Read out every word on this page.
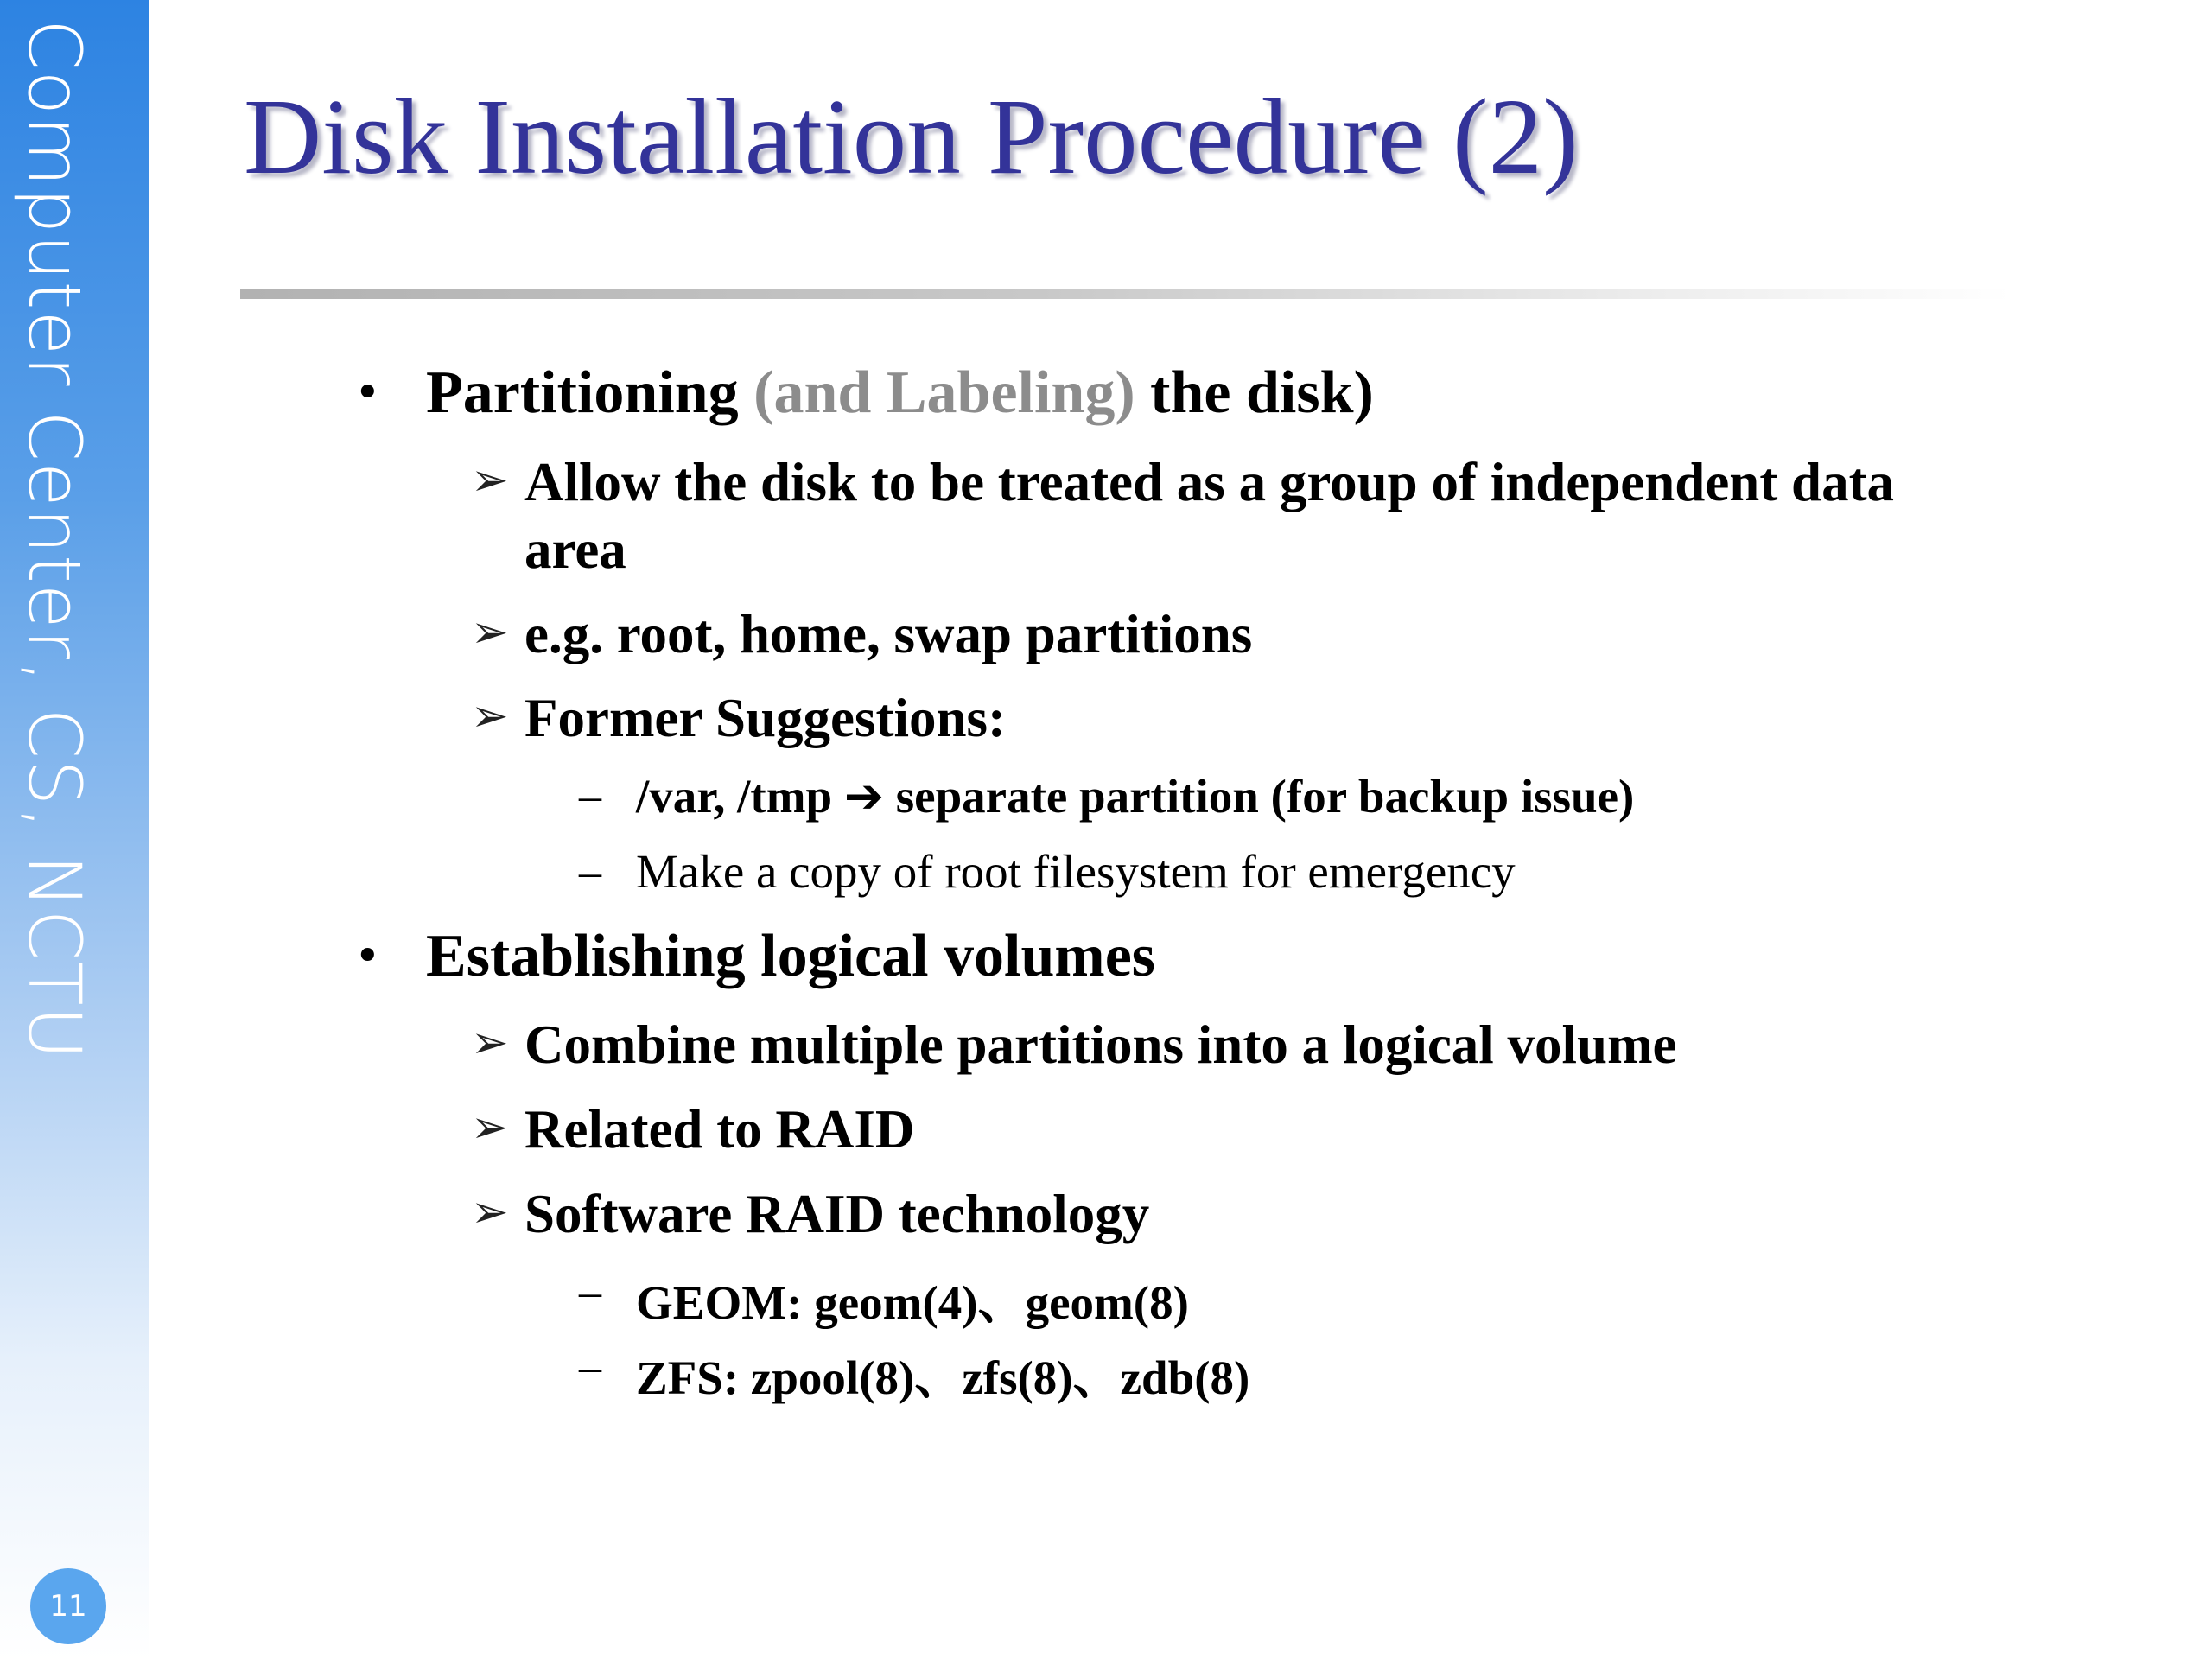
Computer Center, CS, NCTU
11
Disk Installation Procedure (2)
• Partitioning (and Labeling) the disk)
➢ Allow the disk to be treated as a group of independent data
area
➢ e.g. root, home, swap partitions
➢ Former Suggestions:
– /var, /tmp ➔ separate partition (for backup issue)
– Make a copy of root filesystem for emergency
• Establishing logical volumes
➢ Combine multiple partitions into a logical volume
➢ Related to RAID
➢ Software RAID technology
– GEOM: geom(4)、geom(8)
– ZFS: zpool(8)、zfs(8)、zdb(8)
